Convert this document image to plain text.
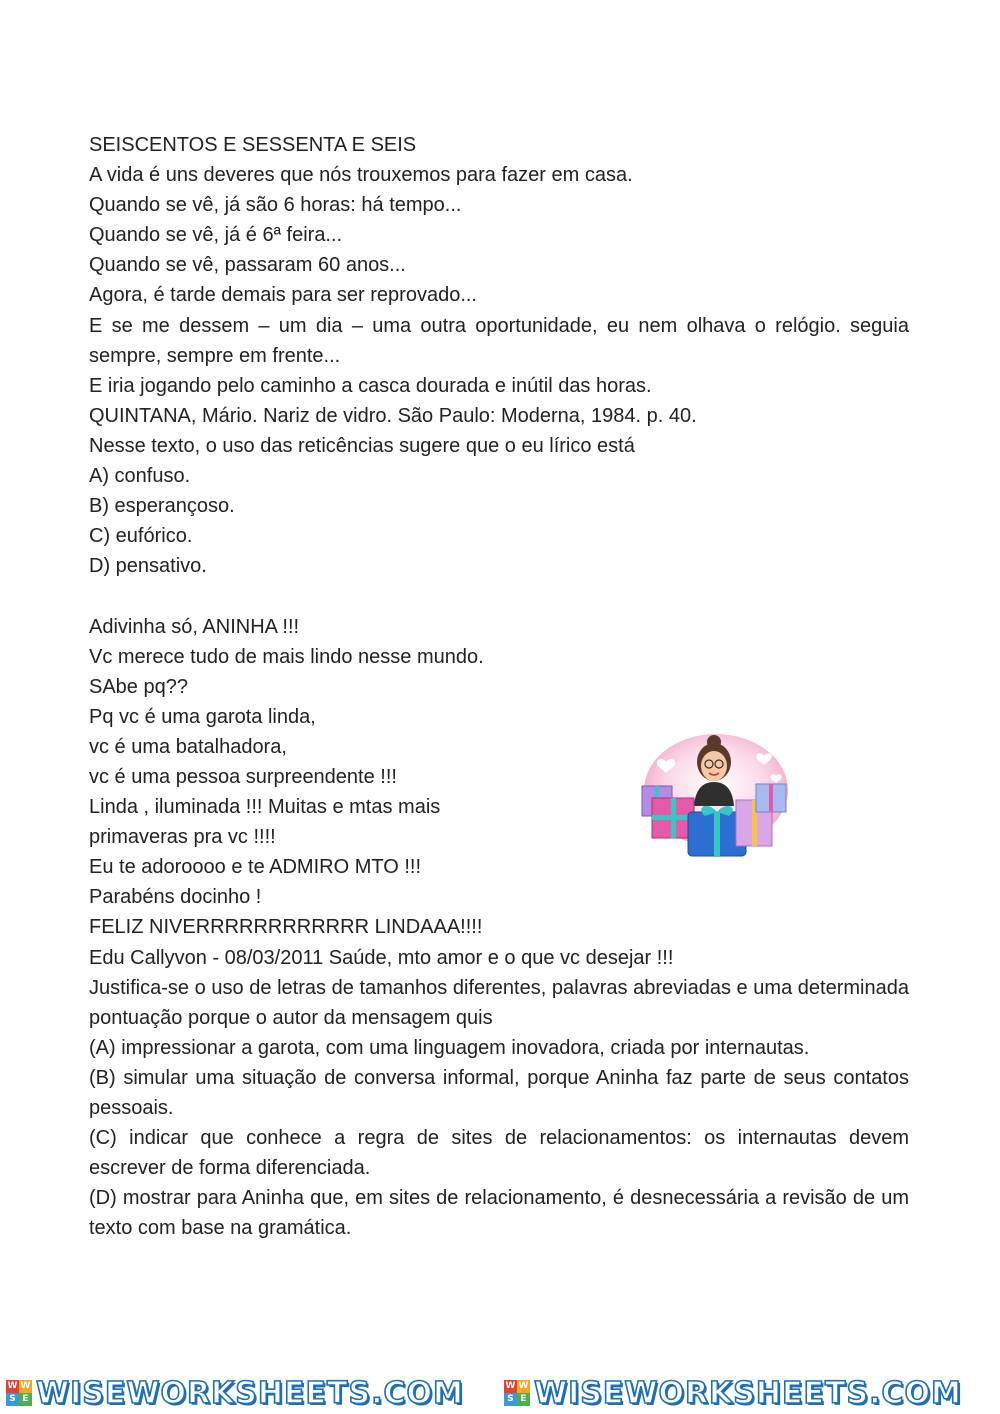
SEISCENTOS E SESSENTA E SEIS
A vida é uns deveres que nós trouxemos para fazer em casa.
Quando se vê, já são 6 horas: há tempo...
Quando se vê, já é 6ª feira...
Quando se vê, passaram 60 anos...
Agora, é tarde demais para ser reprovado...
E se me dessem – um dia – uma outra oportunidade, eu nem olhava o relógio. seguia sempre, sempre em frente...
E iria jogando pelo caminho a casca dourada e inútil das horas.
QUINTANA, Mário. Nariz de vidro. São Paulo: Moderna, 1984. p. 40.
Nesse texto, o uso das reticências sugere que o eu lírico está
A) confuso.
B) esperançoso.
C) eufórico.
D) pensativo.
Adivinha só, ANINHA !!!
Vc merece tudo de mais lindo nesse mundo.
SAbe pq??
Pq vc é uma garota linda,
vc é uma batalhadora,
vc é uma pessoa surpreendente !!!
Linda , iluminada !!! Muitas e mtas mais
primaveras pra vc !!!!
Eu te adoroooo e te ADMIRO MTO !!!
Parabéns docinho !
FELIZ NIVERRRRRRRRRRRR LINDAAA!!!!
Edu Callyvon - 08/03/2011 Saúde, mto amor e o que vc desejar !!!
Justifica-se o uso de letras de tamanhos diferentes, palavras abreviadas e uma determinada pontuação porque o autor da mensagem quis
(A) impressionar a garota, com uma linguagem inovadora, criada por internautas.
(B) simular uma situação de conversa informal, porque Aninha faz parte de seus contatos pessoais.
(C) indicar que conhece a regra de sites de relacionamentos: os internautas devem escrever de forma diferenciada.
(D) mostrar para Aninha que, em sites de relacionamento, é desnecessária a revisão de um texto com base na gramática.
W W
S E WISEWORKSHEETS.COM	W W
S E WISEWORKSHEETS.COM
